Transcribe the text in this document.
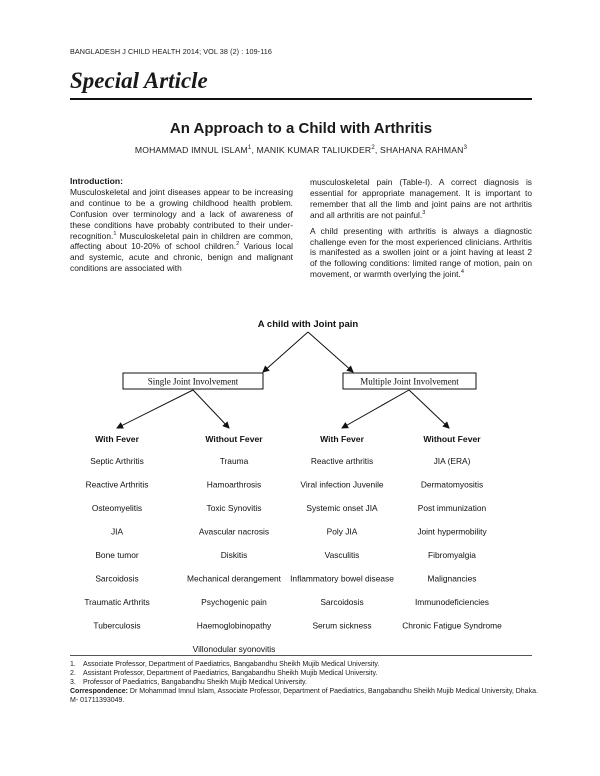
BANGLADESH J CHILD HEALTH 2014; VOL 38 (2) : 109-116
Special Article
An Approach to a Child with Arthritis
MOHAMMAD IMNUL ISLAM$^1$, MANIK KUMAR TALIUKDER$^2$, SHAHANA RAHMAN$^3$

Introduction:

Musculoskeletal and joint diseases appear to be increasing and continue to be a growing childhood health problem. Confusion over terminology and a lack of awareness of these conditions have probably contributed to their under-recognition.$^1$ Musculoskeletal pain in children are common, affecting about 10-20% of school children.$^2$ Various local and systemic, acute and chronic, benign and malignant conditions are associated with

musculoskeletal pain (Table-I). A correct diagnosis is essential for appropriate management. It is important to remember that all the limb and joint pains are not arthritis and all arthritis are not painful.$^3$

A child presenting with arthritis is always a diagnostic challenge even for the most experienced clinicians. Arthritis is manifested as a swollen joint or a joint having at least 2 of the following conditions: limited range of motion, pain on movement, or warmth overlying the joint.$^4$

A child with Joint pain
Single Joint Involvement	Multiple Joint Involvement
With Fever
Septic Arthritis
Reactive Arthritis
Osteomyelitis
JIA
Bone tumor
Sarcoidosis
Traumatic Arthrits
Tuberculosis
Without Fever
Trauma
Hamoarthrosis
Toxic Synovitis
Avascular nacrosis
Diskitis
Mechanical derangement
Psychogenic pain
Haemoglobinopathy
Villonodular syonovitis
With Fever
Reactive arthritis
Viral infection Juvenile
Systemic onset JIA
Poly JIA
Vasculitis
Inflammatory bowel disease
Sarcoidosis
Serum sickness
Without Fever
JIA (ERA)
Dermatomyositis
Post immunization
Joint hypermobility
Fibromyalgia
Malignancies
Immunodeficiencies
Chronic Fatigue Syndrome
1.	Associate Professor, Department of Paediatrics, Bangabandhu Sheikh Mujib Medical University.
2.	Assistant Professor, Department of Paediatrics, Bangabandhu Sheikh Mujib Medical University.
3.	Professor of Paediatrics, Bangabandhu Sheikh Mujib Medical University.
Correspondence: Dr Mohammad Imnul Islam, Associate Professor, Department of Paediatrics, Bangabandhu Sheikh Mujib Medical University, Dhaka. M- 01711393049.
